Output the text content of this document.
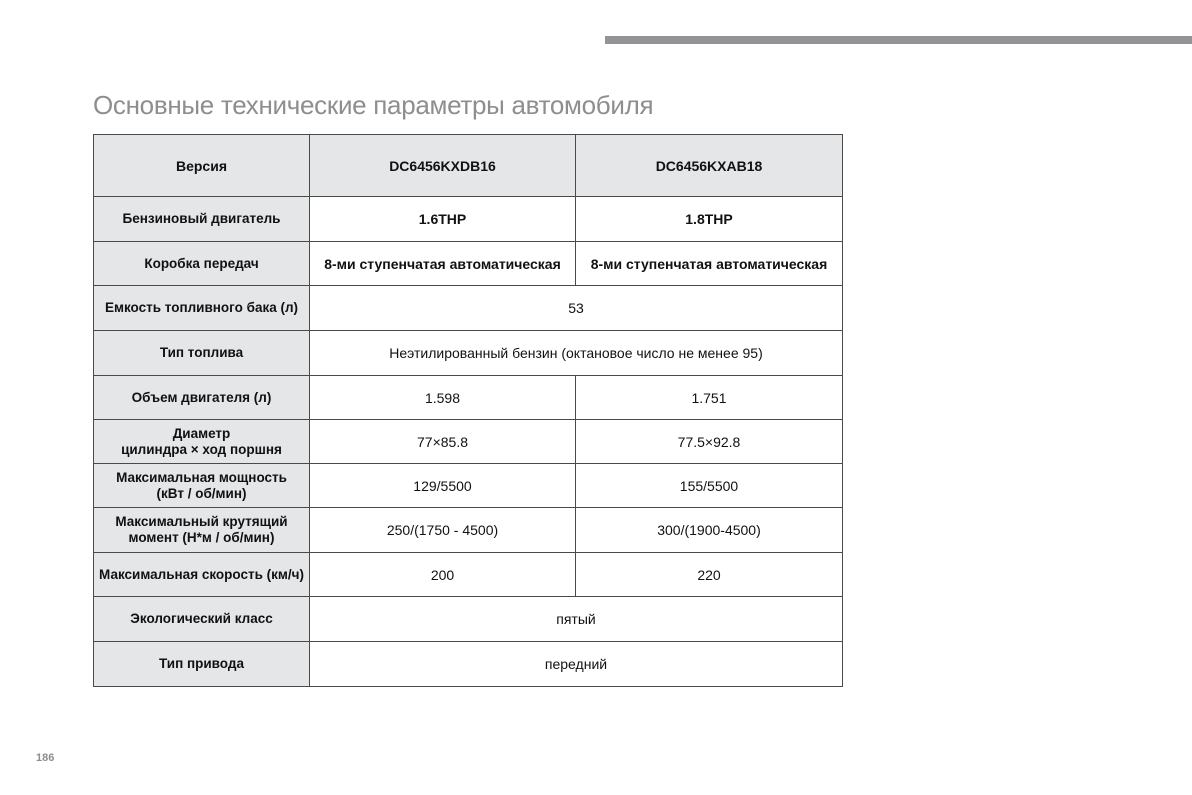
Основные технические параметры автомобиля
Версия	DC6456KXDB16	DC6456KXAB18
Бензиновый двигатель	1.6THP	1.8THP
Коробка передач	8-ми ступенчатая автоматическая	8-ми ступенчатая автоматическая
Емкость топливного бака (л)	53	
Тип топлива	Неэтилированный бензин (октановое число не менее 95)	
Объем двигателя (л)	1.598	1.751
Диаметр
цилиндра × ход поршня	77×85.8	77.5×92.8
Максимальная мощность
(кВт / об/мин)	129/5500	155/5500
Максимальный крутящий
момент (Н*м / об/мин)	250/(1750 - 4500)	300/(1900-4500)
Максимальная скорость (км/ч)	200	220
Экологический класс	пятый	
Тип привода	передний	
186
